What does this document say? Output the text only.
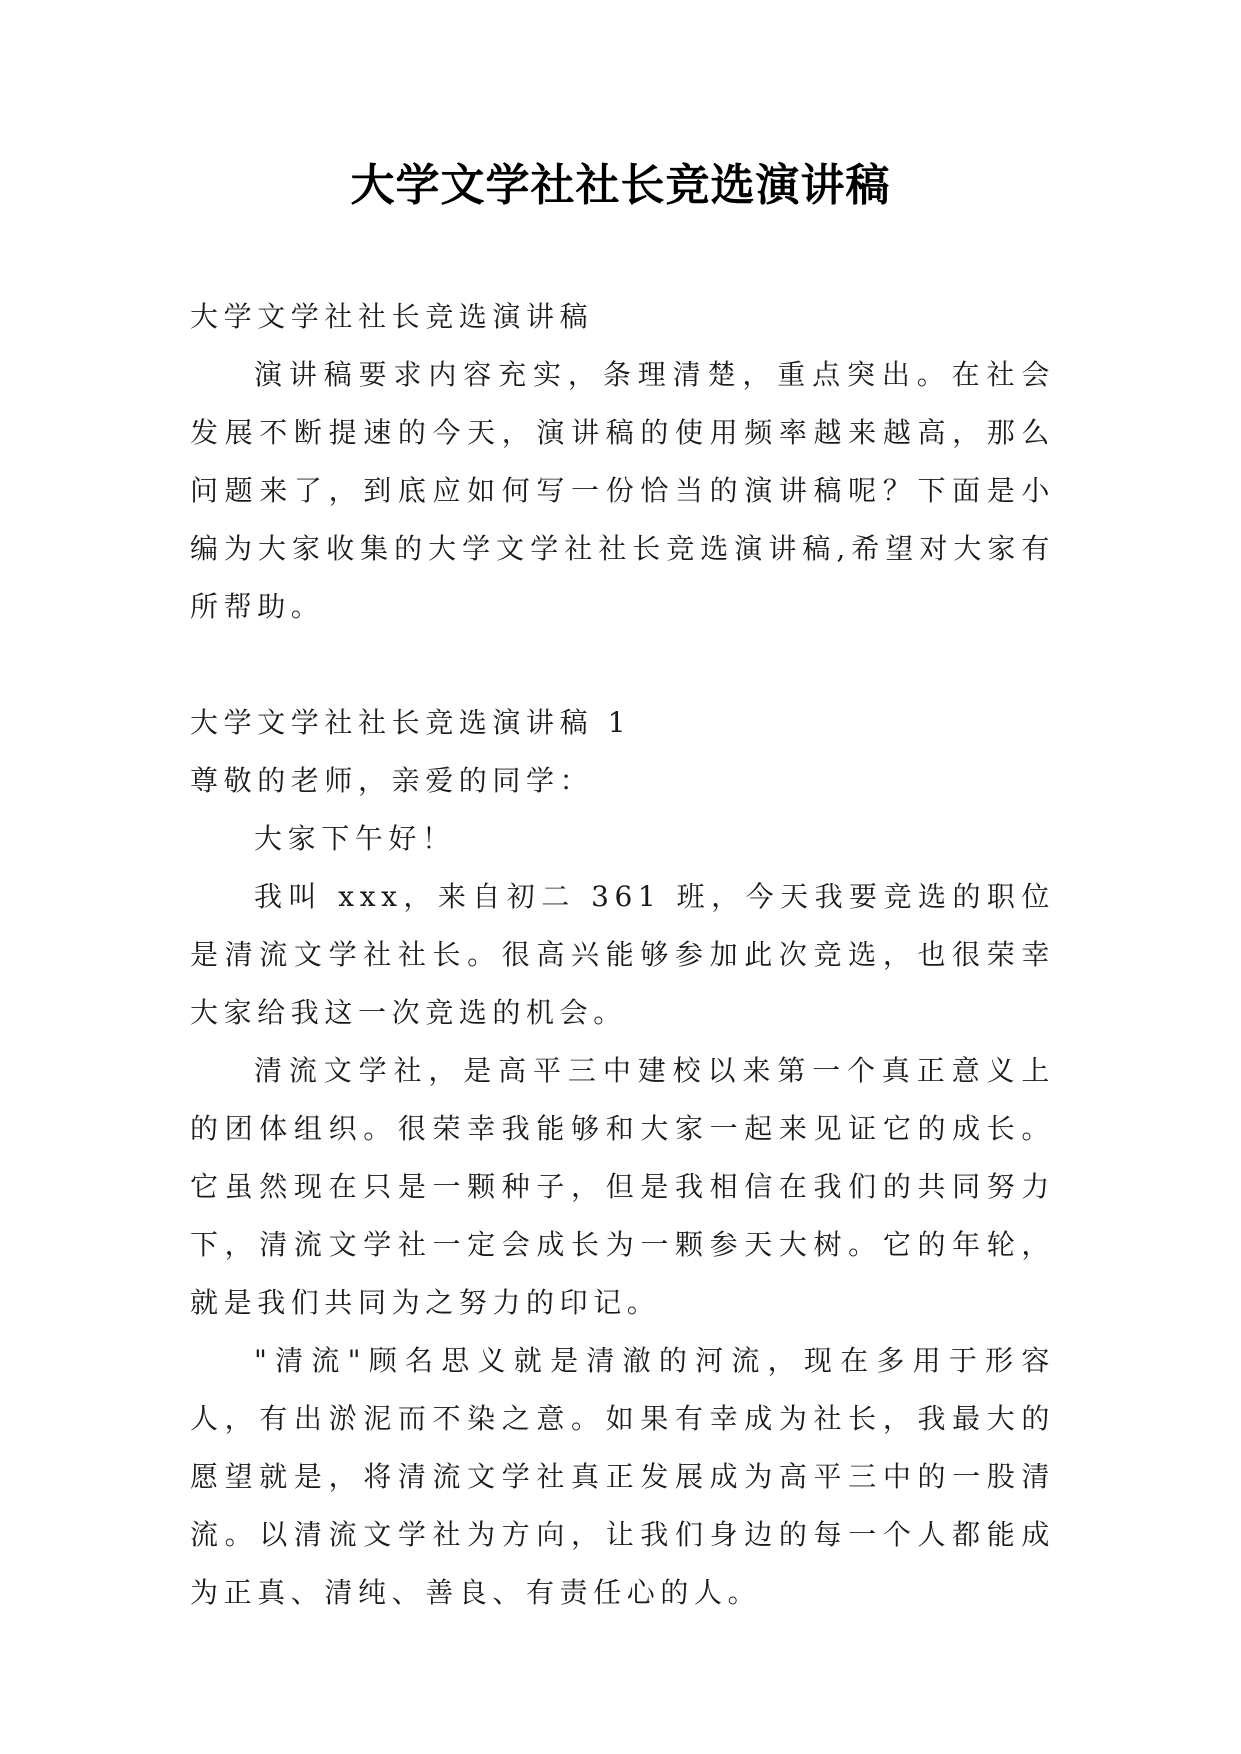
大学文学社社长竞选演讲稿

大学文学社社长竞选演讲稿

演讲稿要求内容充实，条理清楚，重点突出。在社会发展不断提速的今天，演讲稿的使用频率越来越高，那么问题来了，到底应如何写一份恰当的演讲稿呢？下面是小编为大家收集的大学文学社社长竞选演讲稿,希望对大家有所帮助。

大学文学社社长竞选演讲稿 1

尊敬的老师，亲爱的同学：

大家下午好！

我叫 xxx，来自初二 361 班，今天我要竞选的职位是清流文学社社长。很高兴能够参加此次竞选，也很荣幸大家给我这一次竞选的机会。

清流文学社，是高平三中建校以来第一个真正意义上的团体组织。很荣幸我能够和大家一起来见证它的成长。它虽然现在只是一颗种子，但是我相信在我们的共同努力下，清流文学社一定会成长为一颗参天大树。它的年轮，就是我们共同为之努力的印记。

"清流"顾名思义就是清澈的河流，现在多用于形容人，有出淤泥而不染之意。如果有幸成为社长，我最大的愿望就是，将清流文学社真正发展成为高平三中的一股清流。以清流文学社为方向，让我们身边的每一个人都能成为正真、清纯、善良、有责任心的人。
